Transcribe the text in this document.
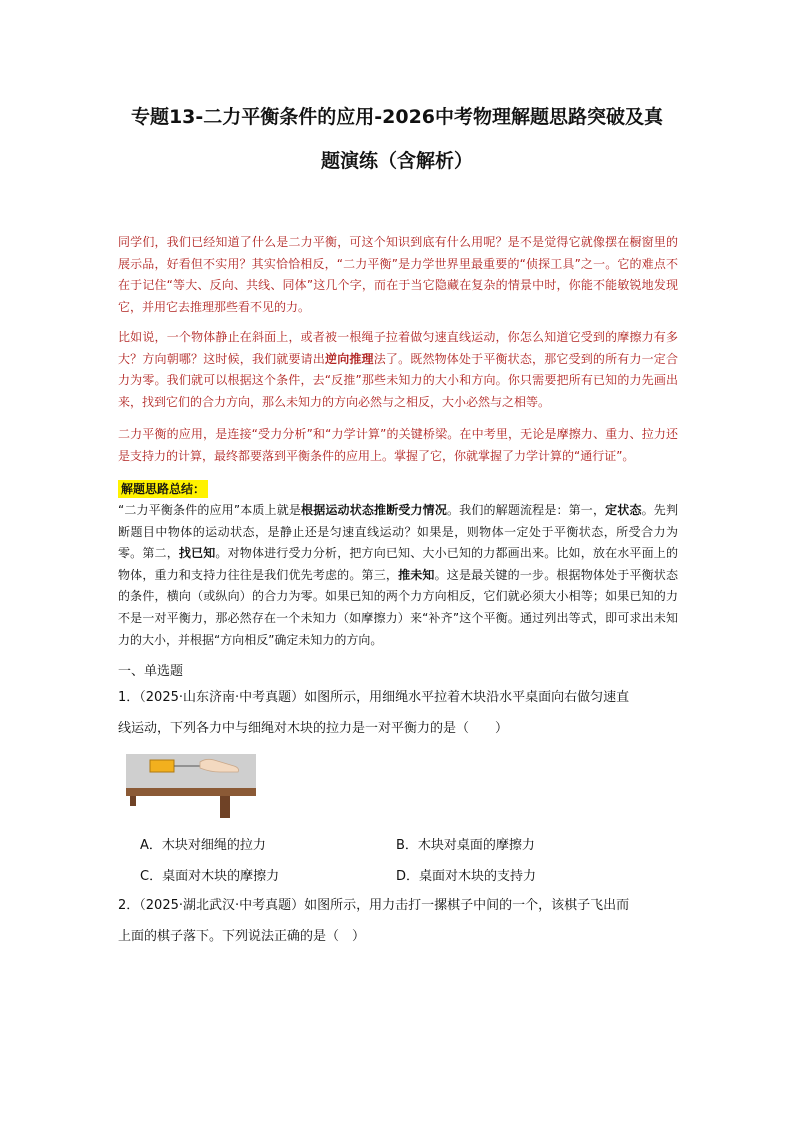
专题13-二力平衡条件的应用-2026中考物理解题思路突破及真
题演练（含解析）
同学们，我们已经知道了什么是二力平衡，可这个知识到底有什么用呢？是不是觉得它就像摆在橱窗里的展示品，好看但不实用？其实恰恰相反，“二力平衡”是力学世界里最重要的“侦探工具”之一。它的难点不在于记住“等大、反向、共线、同体”这几个字，而在于当它隐藏在复杂的情景中时，你能不能敏锐地发现它，并用它去推理那些看不见的力。
比如说，一个物体静止在斜面上，或者被一根绳子拉着做匀速直线运动，你怎么知道它受到的摩擦力有多大？方向朝哪？这时候，我们就要请出逆向推理法了。既然物体处于平衡状态，那它受到的所有力一定合力为零。我们就可以根据这个条件，去“反推”那些未知力的大小和方向。你只需要把所有已知的力先画出来，找到它们的合力方向，那么未知力的方向必然与之相反，大小必然与之相等。
二力平衡的应用，是连接“受力分析”和“力学计算”的关键桥梁。在中考里，无论是摩擦力、重力、拉力还是支持力的计算，最终都要落到平衡条件的应用上。掌握了它，你就掌握了力学计算的“通行证”。
解题思路总结：
“二力平衡条件的应用”本质上就是根据运动状态推断受力情况。我们的解题流程是：第一，定状态。先判断题目中物体的运动状态，是静止还是匀速直线运动？如果是，则物体一定处于平衡状态，所受合力为零。第二，找已知。对物体进行受力分析，把方向已知、大小已知的力都画出来。比如，放在水平面上的物体，重力和支持力往往是我们优先考虑的。第三，推未知。这是最关键的一步。根据物体处于平衡状态的条件，横向（或纵向）的合力为零。如果已知的两个力方向相反，它们就必须大小相等；如果已知的力不是一对平衡力，那必然存在一个未知力（如摩擦力）来“补齐”这个平衡。通过列出等式，即可求出未知力的大小，并根据“方向相反”确定未知力的方向。
一、单选题
1．（2025·山东济南·中考真题）如图所示，用细绳水平拉着木块沿水平桌面向右做匀速直
线运动，下列各力中与细绳对木块的拉力是一对平衡力的是（　　）
A．木块对细绳的拉力	B．木块对桌面的摩擦力
C．桌面对木块的摩擦力	D．桌面对木块的支持力
2．（2025·湖北武汉·中考真题）如图所示，用力击打一摞棋子中间的一个，该棋子飞出而
上面的棋子落下。下列说法正确的是（　）
